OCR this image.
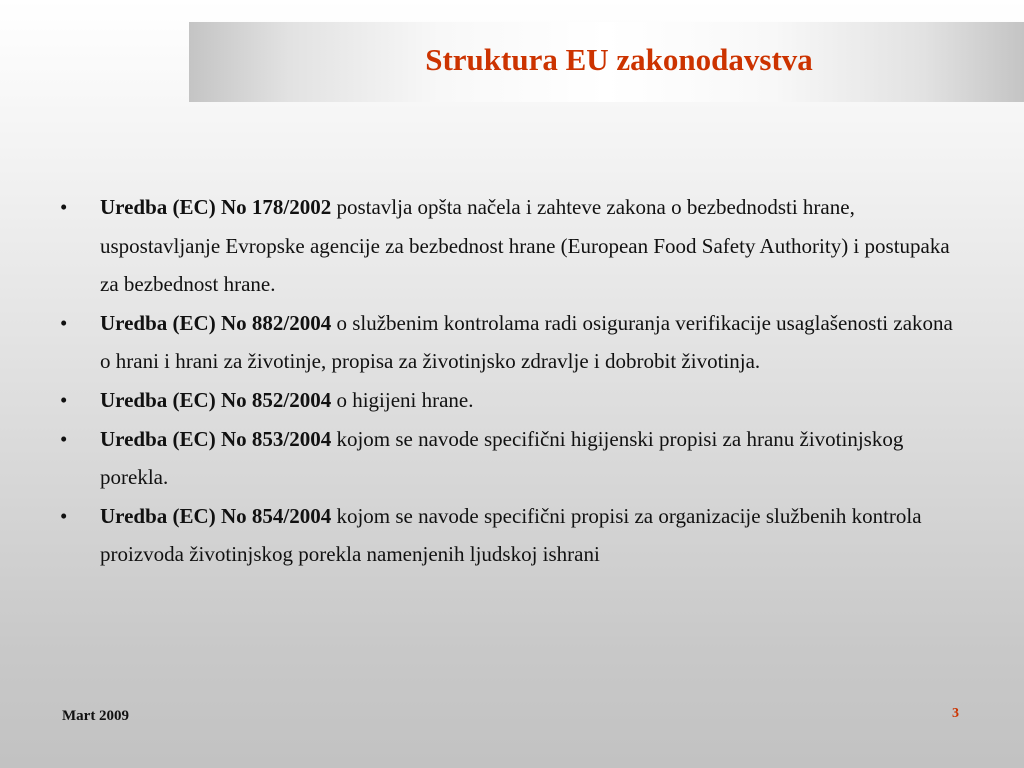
Struktura EU zakonodavstva
•	Uredba (EC) No 178/2002 postavlja opšta načela i zahteve zakona o bezbednodsti hrane, uspostavljanje Evropske agencije za bezbednost hrane (European Food Safety Authority) i postupaka za bezbednost hrane.
•	Uredba (EC) No 882/2004 o službenim kontrolama radi osiguranja verifikacije usaglašenosti zakona o hrani i hrani za životinje, propisa za životinjsko zdravlje i dobrobit životinja.
•	Uredba (EC) No 852/2004 o higijeni hrane.
•	Uredba (EC) No 853/2004 kojom se navode specifični higijenski propisi za hranu životinjskog porekla.
•	Uredba (EC) No 854/2004 kojom se navode specifični propisi za organizacije službenih kontrola proizvoda životinjskog porekla namenjenih ljudskoj ishrani
Mart 2009	3
